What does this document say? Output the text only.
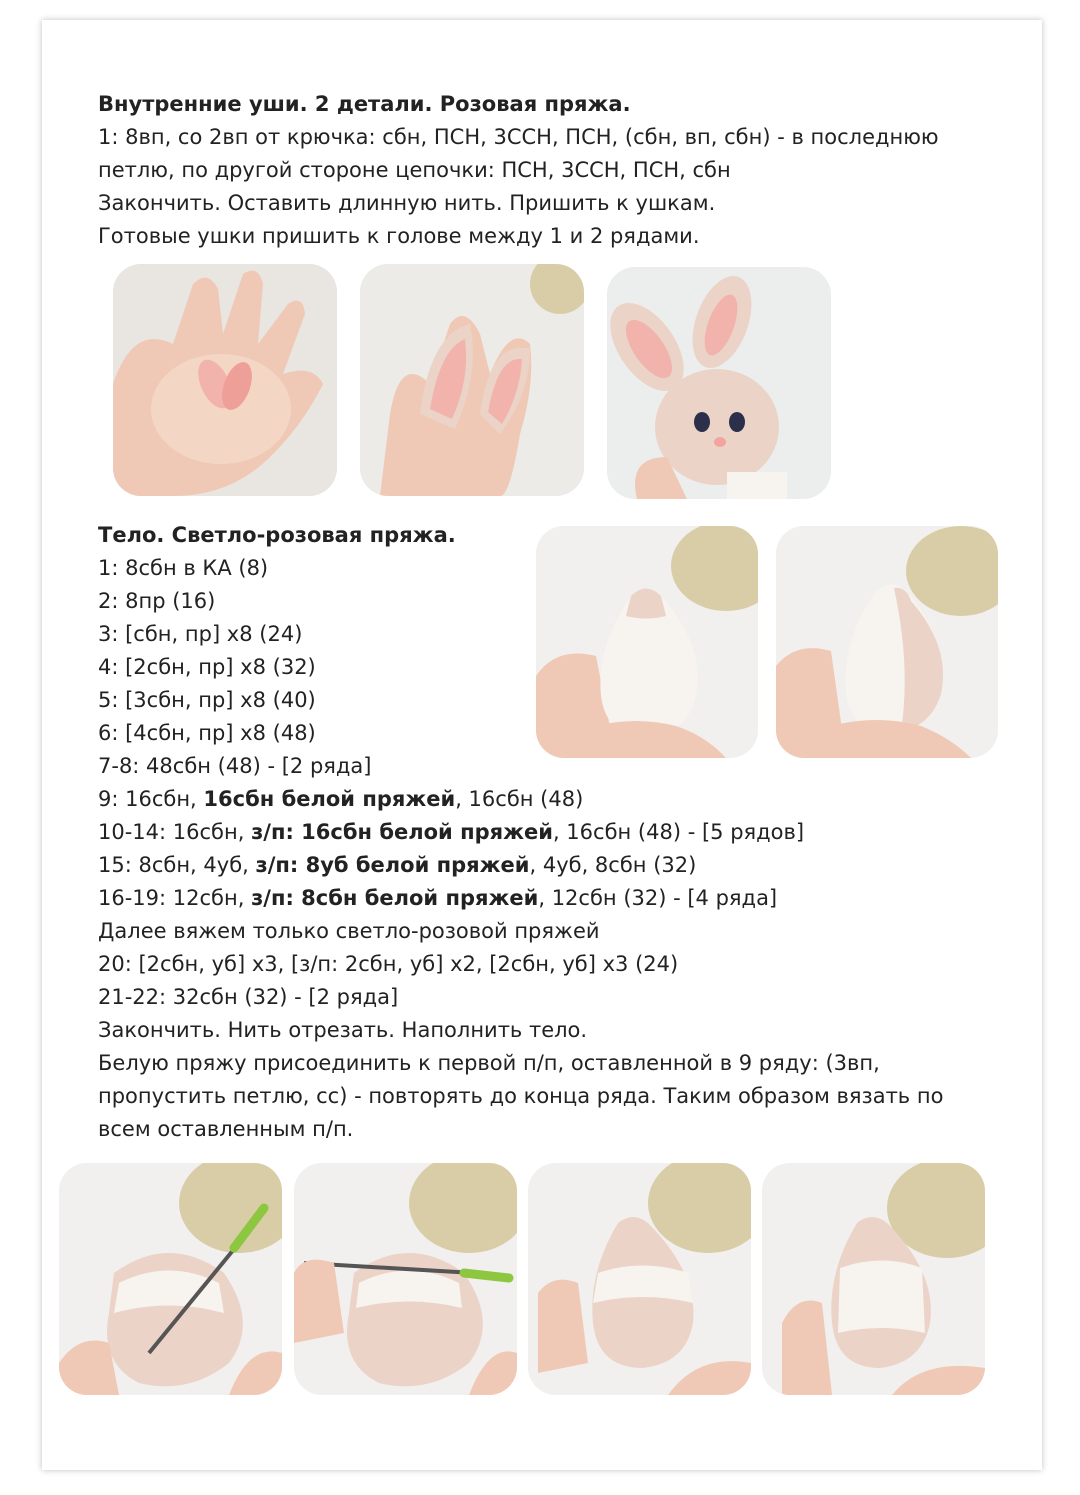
Внутренние уши. 2 детали. Розовая пряжа.
1: 8вп, со 2вп от крючка: сбн, ПСН, 3ССН, ПСН, (сбн, вп, сбн) - в последнюю
петлю, по другой стороне цепочки: ПСН, 3ССН, ПСН, сбн
Закончить. Оставить длинную нить. Пришить к ушкам.
Готовые ушки пришить к голове между 1 и 2 рядами.
Тело. Светло-розовая пряжа.
1: 8сбн в КА (8)
2: 8пр (16)
3: [сбн, пр] х8 (24)
4: [2сбн, пр] х8 (32)
5: [3сбн, пр] х8 (40)
6: [4сбн, пр] х8 (48)
7-8: 48сбн (48) - [2 ряда]
9: 16сбн, 16сбн белой пряжей, 16сбн (48)
10-14: 16сбн, з/п: 16сбн белой пряжей, 16сбн (48) - [5 рядов]
15: 8сбн, 4уб, з/п: 8уб белой пряжей, 4уб, 8сбн (32)
16-19: 12сбн, з/п: 8сбн белой пряжей, 12сбн (32) - [4 ряда]
Далее вяжем только светло-розовой пряжей
20: [2сбн, уб] х3, [з/п: 2сбн, уб] х2, [2сбн, уб] х3 (24)
21-22: 32сбн (32) - [2 ряда]
Закончить. Нить отрезать. Наполнить тело.
Белую пряжу присоединить к первой п/п, оставленной в 9 ряду: (3вп,
пропустить петлю, сс) - повторять до конца ряда. Таким образом вязать по
всем оставленным п/п.
